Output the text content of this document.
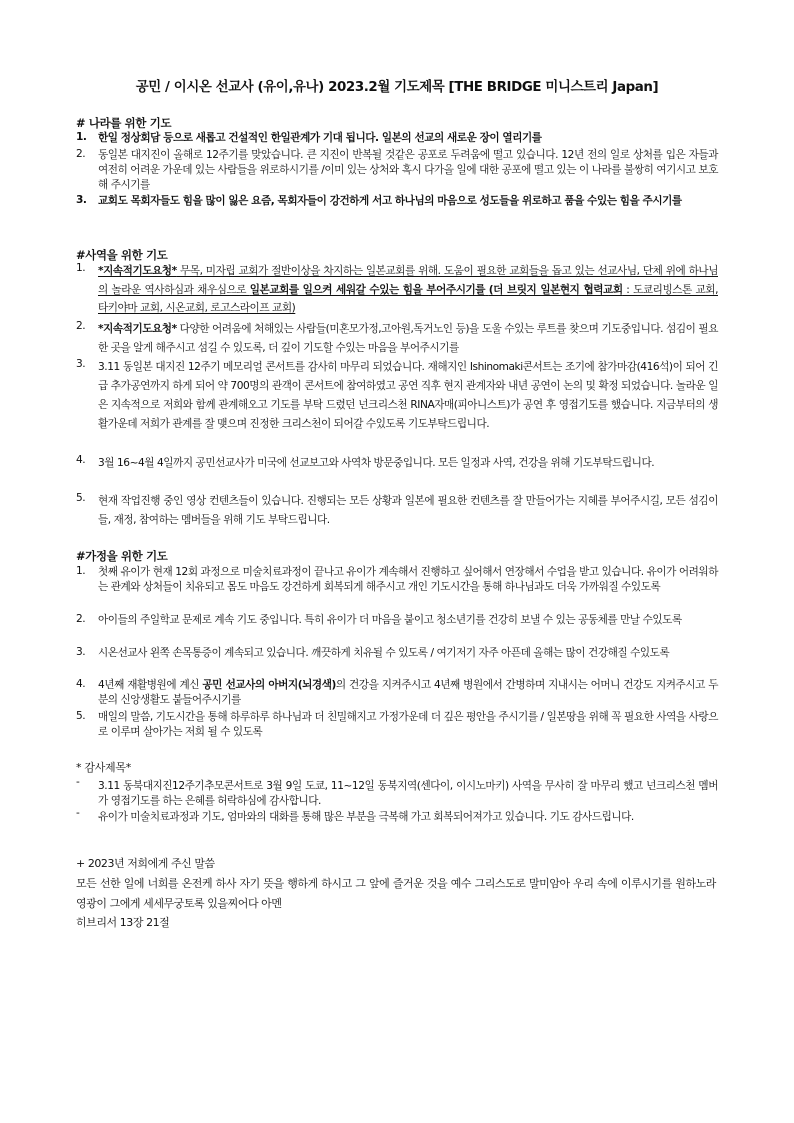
공민 / 이시온 선교사 (유이,유나) 2023.2월 기도제목 [THE BRIDGE 미니스트리 Japan]
# 나라를 위한 기도
1.	한일 정상회담 등으로 새롭고 건설적인 한일관계가 기대 됩니다. 일본의 선교의 새로운 장이 열리기를
2.	동일본 대지진이 올해로 12주기를 맞았습니다. 큰 지진이 반복될 것같은 공포로 두려움에 떨고 있습니다. 12년 전의 일로 상처를 입은 자들과 여전히 어려운 가운데 있는 사람들을 위로하시기를 /이미 있는 상처와 혹시 다가올 일에 대한 공포에 떨고 있는 이 나라를 불쌍히 여기시고 보호해 주시기를
3.	교회도 목회자들도 힘을 많이 잃은 요즘, 목회자들이 강건하게 서고 하나님의 마음으로 성도들을 위로하고 품을 수있는 힘을 주시기를
#사역을 위한 기도
1.	*지속적기도요청* 무목, 미자립 교회가 절반이상을 차지하는 일본교회를 위해. 도움이 필요한 교회들을 돕고 있는 선교사님, 단체 위에 하나님의 놀라운 역사하심과 채우심으로 일본교회를 일으켜 세워갈 수있는 힘을 부어주시기를 (더 브릿지 일본현지 협력교회 : 도쿄리빙스톤 교회, 타키야마 교회, 시온교회, 로고스라이프 교회)
2.	*지속적기도요청* 다양한 어려움에 처해있는 사람들(미혼모가정,고아원,독거노인 등)을 도울 수있는 루트를 찾으며 기도중입니다. 섬김이 필요한 곳을 알게 해주시고 섬길 수 있도록, 더 깊이 기도할 수있는 마음을 부어주시기를
3.	3.11 동일본 대지진 12주기 메모리얼 콘서트를 감사히 마무리 되었습니다. 재해지인 Ishinomaki콘서트는 조기에 참가마감(416석)이 되어 긴급 추가공연까지 하게 되어 약 700명의 관객이 콘서트에 참여하였고 공연 직후 현지 관계자와 내년 공연이 논의 및 확정 되었습니다. 놀라운 일은 지속적으로 저희와 함께 관계해오고 기도를 부탁 드렸던 넌크리스천 RINA자매(피아니스트)가 공연 후 영접기도를 했습니다. 지금부터의 생활가운데 저희가 관계를 잘 맺으며 진정한 크리스천이 되어갈 수있도록 기도부탁드립니다.
4.	3월 16~4월 4일까지 공민선교사가 미국에 선교보고와 사역차 방문중입니다. 모든 일정과 사역, 건강을 위해 기도부탁드립니다.
5.	현재 작업진행 중인 영상 컨텐츠들이 있습니다. 진행되는 모든 상황과 일본에 필요한 컨텐츠를 잘 만들어가는 지혜를 부어주시길, 모든 섬김이들, 재정, 참여하는 멤버들을 위해 기도 부탁드립니다.
#가정을 위한 기도
1.	첫째 유이가 현재 12회 과정으로 미술치료과정이 끝나고 유이가 계속해서 진행하고 싶어해서 연장해서 수업을 받고 있습니다. 유이가 어려워하는 관계와 상처들이 치유되고 몸도 마음도 강건하게 회복되게 해주시고 개인 기도시간을 통해 하나님과도 더욱 가까워질 수있도록
2.	아이들의 주일학교 문제로 계속 기도 중입니다. 특히 유이가 더 마음을 붙이고 청소년기를 건강히 보낼 수 있는 공동체를 만날 수있도록
3.	시온선교사 왼쪽 손목통증이 계속되고 있습니다. 깨끗하게 치유될 수 있도록 / 여기저기 자주 아픈데 올해는 많이 건강해질 수있도록
4.	4년째 재활병원에 계신 공민 선교사의 아버지(뇌경색)의 건강을 지켜주시고 4년째 병원에서 간병하며 지내시는 어머니 건강도 지켜주시고 두 분의 신앙생활도 붙들어주시기를
5.	매일의 말씀, 기도시간을 통해 하루하루 하나님과 더 친밀해지고 가정가운데 더 깊은 평안을 주시기를 / 일본땅을 위해 꼭 필요한 사역을 사랑으로 이루며 살아가는 저희 될 수 있도록
* 감사제목*
-	3.11 동북대지진12주기추모콘서트로 3월 9일 도쿄, 11~12일 동북지역(센다이, 이시노마키) 사역을 무사히 잘 마무리 했고 넌크리스천 멤버가 영접기도를 하는 은혜를 허락하심에 감사합니다.
-	유이가 미술치료과정과 기도, 엄마와의 대화를 통해 많은 부분을 극복해 가고 회복되어져가고 있습니다. 기도 감사드립니다.
+ 2023년 저희에게 주신 말씀
모든 선한 일에 너희를 온전케 하사 자기 뜻을 행하게 하시고 그 앞에 즐거운 것을 예수 그리스도로 말미암아 우리 속에 이루시기를 원하노라 영광이 그에게 세세무궁토록 있을찌어다 아멘
히브리서 13장 21절
